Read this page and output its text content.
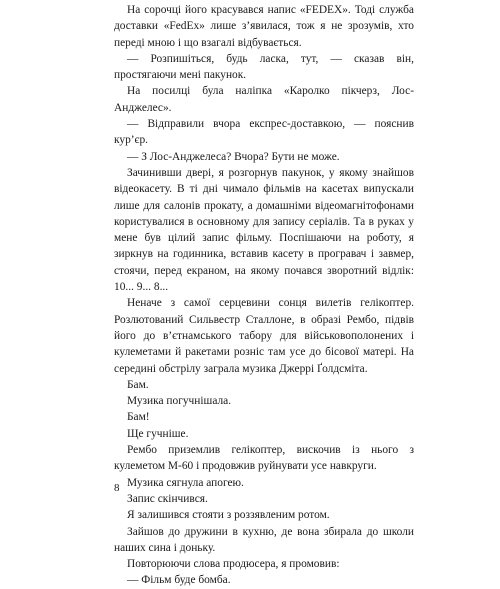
На сорочці його красувався напис «FEDEX». Тоді служба доставки «FedEx» лише з’явилася, тож я не зрозумів, хто переді мною і що взагалі відбувається.

— Розпишіться, будь ласка, тут, — сказав він, простягаючи мені пакунок.

На посилці була наліпка «Каролко пікчерз, Лос-Анджелес».

— Відправили вчора експрес-доставкою, — пояснив кур’єр.

— З Лос-Анджелеса? Вчора? Бути не може.

Зачинивши двері, я розгорнув пакунок, у якому знайшов відеокасету. В ті дні чимало фільмів на касетах випускали лише для салонів прокату, а домашніми відеомагнітофонами користувалися в основному для запису серіалів. Та в руках у мене був цілий запис фільму. Поспішаючи на роботу, я зиркнув на годинника, вставив касету в програвач і завмер, стоячи, перед екраном, на якому почався зворотний відлік: 10... 9... 8...

Неначе з самої серцевини сонця вилетів гелікоптер. Розлютований Сильвестр Сталлоне, в образі Рембо, підвів його до в’єтнамського табору для військовополонених і кулеметами й ракетами розніс там усе до бісової матері. На середині обстрілу заграла музика Джеррі Ґолдсміта.

Бам.

Музика погучнішала.

Бам!

Ще гучніше.

Рембо приземлив гелікоптер, вискочив із нього з кулеметом М-60 і продовжив руйнувати усе навкруги.

Музика сягнула апогею.

Запис скінчився.

Я залишився стояти з роззявленим ротом.

Зайшов до дружини в кухню, де вона збирала до школи наших сина і доньку.

Повторюючи слова продюсера, я промовив:

— Фільм буде бомба.

8
